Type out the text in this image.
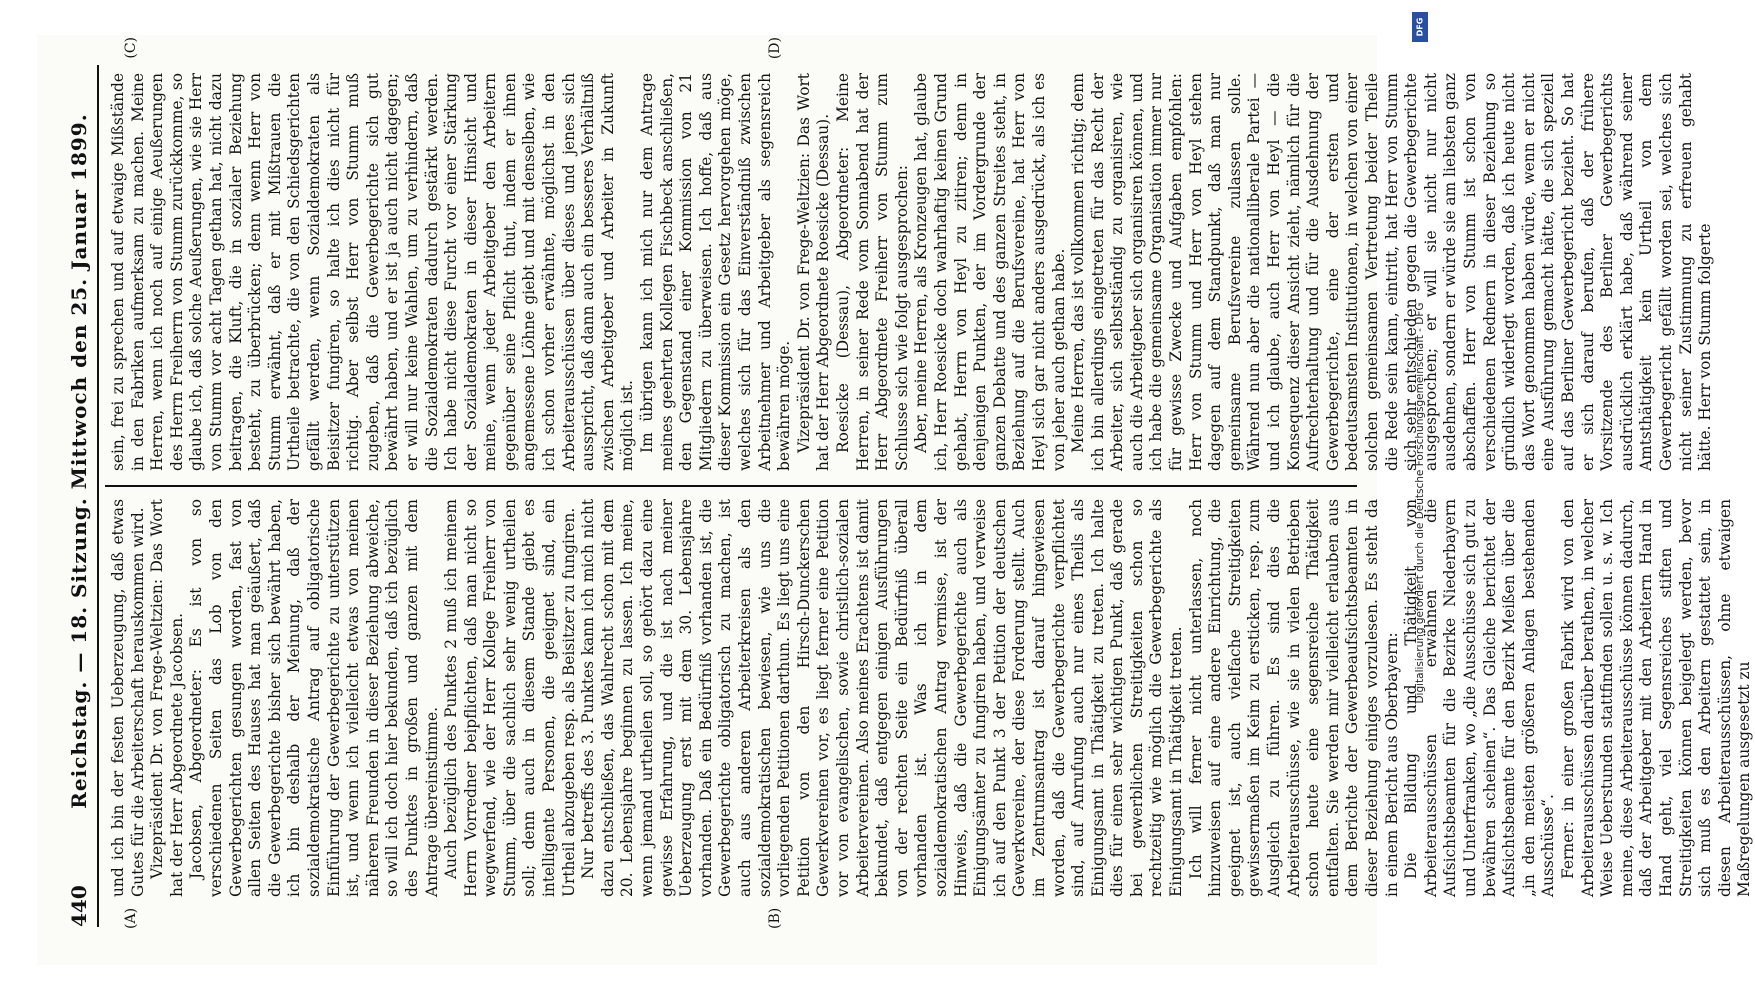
440
Reichstag. — 18. Sitzung. Mittwoch den 25. Januar 1899.
(A)	(B)
(C)	(D)

und ich bin der festen Ueberzeugung, daß etwas Gutes für die Arbeiterschaft herauskommen wird. Vizepräsident Dr. von Frege-Weltzien: Das Wort hat der Herr Abgeordnete Jacobsen. Jacobsen, Abgeordneter: Es ist von so verschiedenen Seiten das Lob von den Gewerbegerichten gesungen worden, fast von allen Seiten des Hauses hat man geäußert, daß die Gewerbegerichte bisher sich bewährt haben, ich bin deshalb der Meinung, daß der sozialdemokratische Antrag auf obligatorische Einführung der Gewerbegerichte zu unterstützen ist, und wenn ich vielleicht etwas von meinen näheren Freunden in dieser Beziehung abweiche, so will ich doch hier bekunden, daß ich bezüglich des Punktes in großen und ganzen mit dem Antrage übereinstimme. Auch bezüglich des Punktes 2 muß ich meinem Herrn Vorredner beipflichten, daß man nicht so wegwerfend, wie der Herr Kollege Freiherr von Stumm, über die sachlich sehr wenig urtheilen soll; denn auch in diesem Stande giebt es intelligente Personen, die geeignet sind, ein Urtheil abzugeben resp. als Beisitzer zu fungiren. Nur betreffs des 3. Punktes kann ich mich nicht dazu entschließen, das Wahlrecht schon mit dem 20. Lebensjahre beginnen zu lassen. Ich meine, wenn jemand urtheilen soll, so gehört dazu eine gewisse Erfahrung, und die ist nach meiner Ueberzeugung erst mit dem 30. Lebensjahre vorhanden. Daß ein Bedürfniß vorhanden ist, die Gewerbegerichte obligatorisch zu machen, ist auch aus anderen Arbeiterkreisen als den sozialdemokratischen bewiesen, wie uns die vorliegenden Petitionen darthun. Es liegt uns eine Petition von den Hirsch-Dunckerschen Gewerkvereinen vor, es liegt ferner eine Petition vor von evangelischen, sowie christlich-sozialen Arbeitervereinen. Also meines Erachtens ist damit bekundet, daß entgegen einigen Ausführungen von der rechten Seite ein Bedürfniß überall vorhanden ist. Was ich in dem sozialdemokratischen Antrag vermisse, ist der Hinweis, daß die Gewerbegerichte auch als Einigungsämter zu fungiren haben, und verweise ich auf den Punkt 3 der Petition der deutschen Gewerkvereine, der diese Forderung stellt. Auch im Zentrumsantrag ist darauf hingewiesen worden, daß die Gewerbegerichte verpflichtet sind, auf Anrufung auch nur eines Theils als Einigungsamt in Thätigkeit zu treten. Ich halte dies für einen sehr wichtigen Punkt, daß gerade bei gewerblichen Streitigkeiten schon so rechtzeitig wie möglich die Gewerbegerichte als Einigungsamt in Thätigkeit treten. Ich will ferner nicht unterlassen, noch hinzuweisen auf eine andere Einrichtung, die geeignet ist, auch vielfache Streitigkeiten gewissermaßen im Keim zu ersticken, resp. zum Ausgleich zu führen. Es sind dies die Arbeiterausschüsse, wie sie in vielen Betrieben schon heute eine segensreiche Thätigkeit entfalten. Sie werden mir vielleicht erlauben aus dem Berichte der Gewerbeaufsichtsbeamten in dieser Beziehung einiges vorzulesen. Es steht da in einem Bericht aus Oberbayern: Die Bildung und Thätigkeit von Arbeiterausschüssen erwähnen die Aufsichtsbeamten für die Bezirke Niederbayern und Unterfranken, wo „die Ausschüsse sich gut zu bewähren scheinen“. Das Gleiche berichtet der Aufsichtsbeamte für den Bezirk Meißen über die „in den meisten größeren Anlagen bestehenden Ausschüsse“. Ferner: in einer großen Fabrik wird von den Arbeiterausschüssen darüber berathen, in welcher Weise Ueberstunden stattfinden sollen u. s. w. Ich meine, diese Arbeiterausschüsse können dadurch, daß der Arbeitgeber mit den Arbeitern Hand in Hand geht, viel Segensreiches stiften und Streitigkeiten können beigelegt werden, bevor sich muß es den Arbeitern gestattet sein, in diesen Arbeiterausschüssen, ohne etwaigen Maßregelungen ausgesetzt zu

sein, frei zu sprechen und auf etwaige Mißstände in den Fabriken aufmerksam zu machen. Meine Herren, wenn ich noch auf einige Aeußerungen des Herrn Freiherrn von Stumm zurückkomme, so glaube ich, daß solche Aeußerungen, wie sie Herr von Stumm vor acht Tagen gethan hat, nicht dazu beitragen, die Kluft, die in sozialer Beziehung besteht, zu überbrücken; denn wenn Herr von Stumm erwähnt, daß er mit Mißtrauen die Urtheile betrachte, die von den Schiedsgerichten gefällt werden, wenn Sozialdemokraten als Beisitzer fungiren, so halte ich dies nicht für richtig. Aber selbst Herr von Stumm muß zugeben, daß die Gewerbegerichte sich gut bewährt haben, und er ist ja auch nicht dagegen; er will nur keine Wahlen, um zu verhindern, daß die Sozialdemokraten dadurch gestärkt werden. Ich habe nicht diese Furcht vor einer Stärkung der Sozialdemokraten in dieser Hinsicht und meine, wenn jeder Arbeitgeber den Arbeitern gegenüber seine Pflicht thut, indem er ihnen angemessene Löhne giebt und mit denselben, wie ich schon vorher erwähnte, möglichst in den Arbeiterausschüssen über dieses und jenes sich ausspricht, daß dann auch ein besseres Verhältniß zwischen Arbeitgeber und Arbeiter in Zukunft möglich ist. Im übrigen kann ich mich nur dem Antrage meines geehrten Kollegen Fischbeck anschließen, den Gegenstand einer Kommission von 21 Mitgliedern zu überweisen. Ich hoffe, daß aus dieser Kommission ein Gesetz hervorgehen möge, welches sich für das Einverständniß zwischen Arbeitnehmer und Arbeitgeber als segensreich bewähren möge. Vizepräsident Dr. von Frege-Weltzien: Das Wort hat der Herr Abgeordnete Roesicke (Dessau). Roesicke (Dessau), Abgeordneter: Meine Herren, in seiner Rede vom Sonnabend hat der Herr Abgeordnete Freiherr von Stumm zum Schlusse sich wie folgt ausgesprochen: Aber, meine Herren, als Kronzeugen hat, glaube ich, Herr Roesicke doch wahrhaftig keinen Grund gehabt, Herrn von Heyl zu zitiren; denn in denjenigen Punkten, der im Vordergrunde der ganzen Debatte und des ganzen Streites steht, in Beziehung auf die Berufsvereine, hat Herr von Heyl sich gar nicht anders ausgedrückt, als ich es von jeher auch gethan habe. Meine Herren, das ist vollkommen richtig; denn ich bin allerdings eingetreten für das Recht der Arbeiter, sich selbstständig zu organisiren, wie auch die Arbeitgeber sich organisiren können, und ich habe die gemeinsame Organisation immer nur für gewisse Zwecke und Aufgaben empfohlen: Herr von Stumm und Herr von Heyl stehen dagegen auf dem Standpunkt, daß man nur gemeinsame Berufsvereine zulassen solle. Während nun aber die nationalliberale Partei — und ich glaube, auch Herr von Heyl — die Konsequenz dieser Ansicht zieht, nämlich für die Aufrechterhaltung und für die Ausdehnung der Gewerbegerichte, eine der ersten und bedeutsamsten Institutionen, in welchen von einer solchen gemeinsamen Vertretung beider Theile die Rede sein kann, eintritt, hat Herr von Stumm sich sehr entschieden gegen die Gewerbegerichte ausgesprochen; er will sie nicht nur nicht ausdehnen, sondern er würde sie am liebsten ganz abschaffen. Herr von Stumm ist schon von verschiedenen Rednern in dieser Beziehung so gründlich widerlegt worden, daß ich heute nicht das Wort genommen haben würde, wenn er nicht eine Ausführung gemacht hätte, die sich speziell auf das Berliner Gewerbegericht bezieht. So hat er sich darauf berufen, daß der frühere Vorsitzende des Berliner Gewerbegerichts ausdrücklich erklärt habe, daß während seiner Amtsthätigkeit kein Urtheil von dem Gewerbegericht gefällt worden sei, welches sich nicht seiner Zustimmung zu erfreuen gehabt hätte. Herr von Stumm folgerte

DFG
Digitalisierung gefördert durch die Deutsche Forschungsgemeinschaft - DFG
